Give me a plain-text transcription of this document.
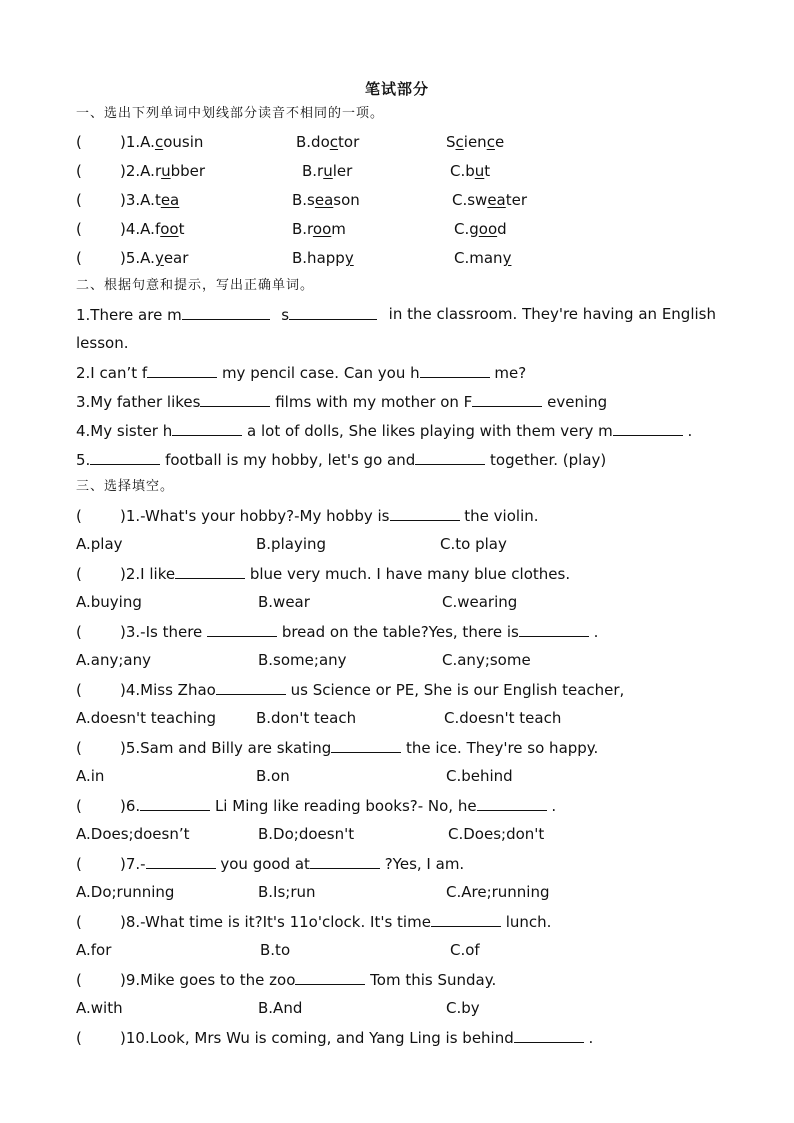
笔试部分
一、选出下列单词中划线部分读音不相同的一项。
(	)1.A.cousin	B.doctor	Science
(	)2.A.rubber	B.ruler	C.but
(	)3.A.tea	B.season	C.sweater
(	)4.A.foot	B.room	C.good
(	)5.A.year	B.happy	C.many
二、根据句意和提示，写出正确单词。
1.There are m	s	in the classroom. They're having an English
lesson.
2.I can’t f	my pencil case. Can you h	me?
3.My father likes	films with my mother on F	evening
4.My sister h	a lot of dolls, She likes playing with them very m	.
5.	football is my hobby, let's go and	together. (play)
三、选择填空。
(	)1.-What's your hobby?-My hobby is	the violin.
A.play	B.playing	C.to play
(	)2.I like	blue very much. I have many blue clothes.
A.buying	B.wear	C.wearing
(	)3.-Is there	bread on the table?Yes, there is	.
A.any;any	B.some;any	C.any;some
(	)4.Miss Zhao	us Science or PE, She is our English teacher,
A.doesn't teaching	B.don't teach	C.doesn't teach
(	)5.Sam and Billy are skating	the ice. They're so happy.
A.in	B.on	C.behind
(	)6.	Li Ming like reading books?- No, he	.
A.Does;doesn’t	B.Do;doesn't	C.Does;don't
(	)7.-	you good at	?Yes, I am.
A.Do;running	B.Is;run	C.Are;running
(	)8.-What time is it?It's 11o'clock. It's time	lunch.
A.for	B.to	C.of
(	)9.Mike goes to the zoo	Tom this Sunday.
A.with	B.And	C.by
(	)10.Look, Mrs Wu is coming, and Yang Ling is behind	.
